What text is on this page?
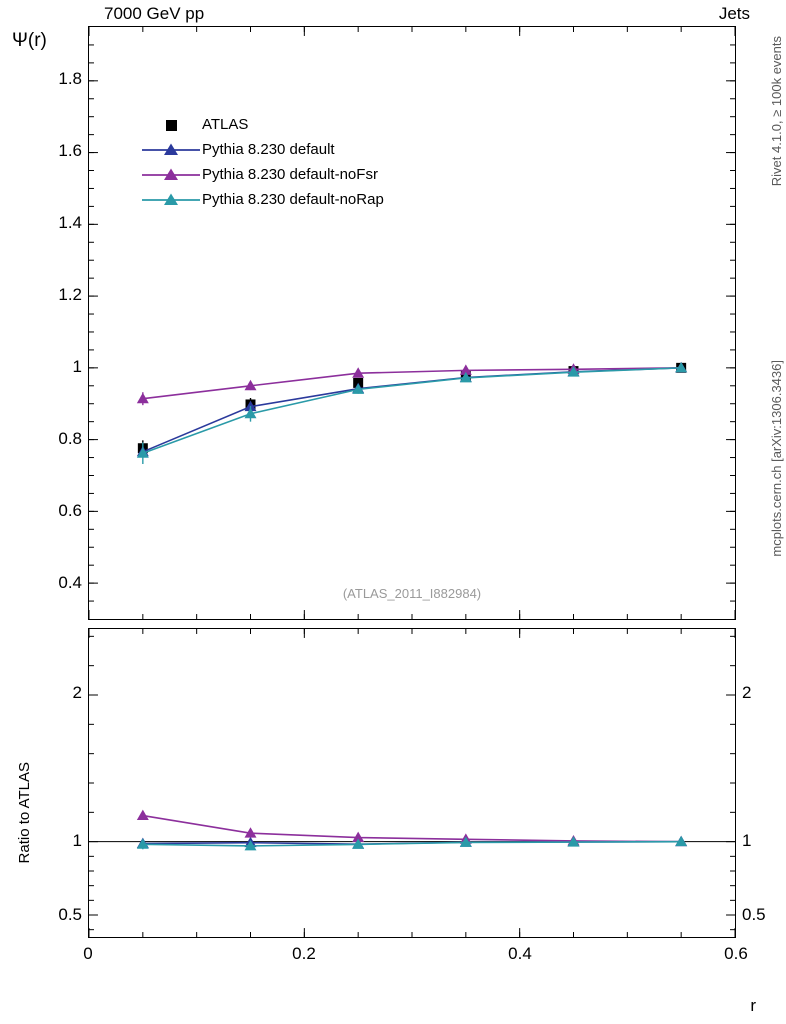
7000 GeV pp	Jets
Rivet 4.1.0, ≥ 100k events
mcplots.cern.ch [arXiv:1306.3436]
Ψ(r)
Ratio to ATLAS
r
(ATLAS_2011_I882984)
ATLAS
Pythia 8.230 default
Pythia 8.230 default-noFsr
Pythia 8.230 default-noRap
0.4
0.6
0.8
1
1.2
1.4
1.6
1.8
0.5	0.5
1	1
2	2
0	0.2	0.4	0.6
